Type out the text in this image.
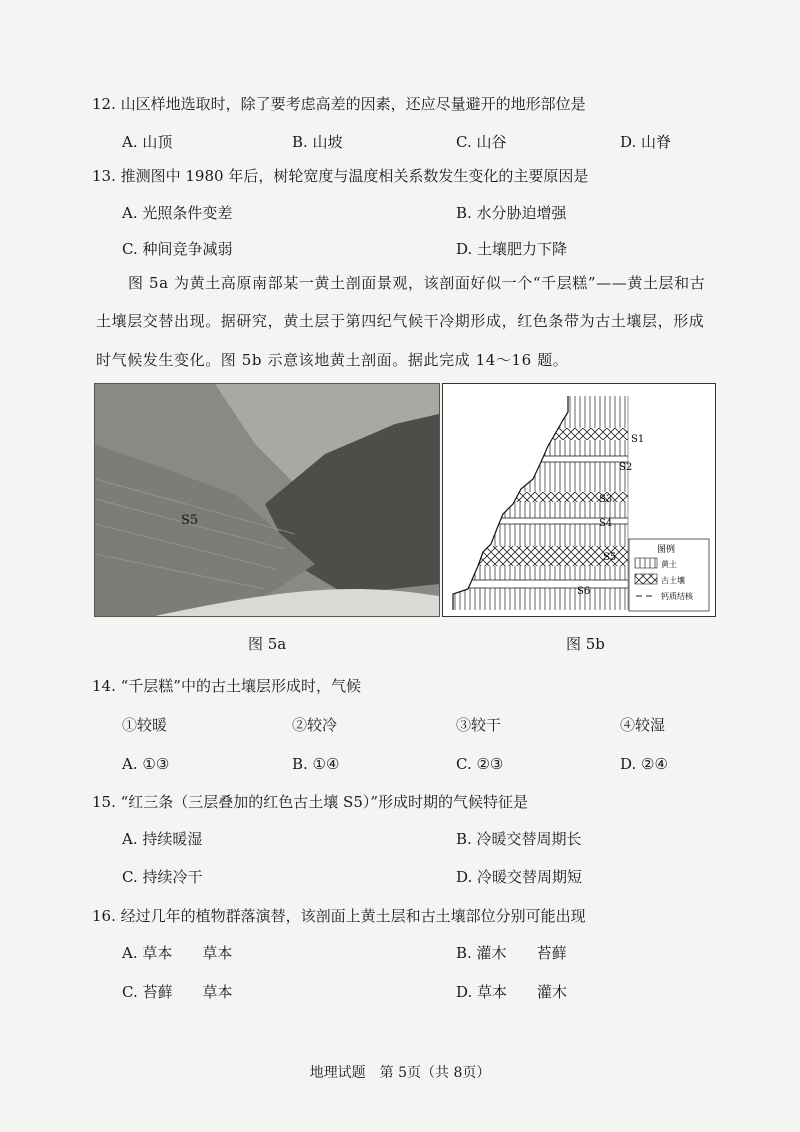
12. 山区样地选取时，除了要考虑高差的因素，还应尽量避开的地形部位是
A. 山顶	B. 山坡	C. 山谷	D. 山脊
13. 推测图中 1980 年后，树轮宽度与温度相关系数发生变化的主要原因是
A. 光照条件变差	B. 水分胁迫增强
C. 种间竞争减弱	D. 土壤肥力下降
图 5a 为黄土高原南部某一黄土剖面景观，该剖面好似一个“千层糕”——黄土层和古
土壤层交替出现。据研究，黄土层于第四纪气候干冷期形成，红色条带为古土壤层，形成
时气候发生变化。图 5b 示意该地黄土剖面。据此完成 14～16 题。
S5
S1
S2
S3
S4
S5
S6
图例
黄土
古土壤
钙质结核
图 5a	图 5b
14. “千层糕”中的古土壤层形成时，气候
①较暖	②较冷	③较干	④较湿
A. ①③	B. ①④	C. ②③	D. ②④
15. “红三条（三层叠加的红色古土壤 S5）”形成时期的气候特征是
A. 持续暖湿	B. 冷暖交替周期长
C. 持续冷干	D. 冷暖交替周期短
16. 经过几年的植物群落演替，该剖面上黄土层和古土壤部位分别可能出现
A. 草本　　草本	B. 灌木　　苔藓
C. 苔藓　　草本	D. 草本　　灌木
地理试题　第 5页（共 8页）
